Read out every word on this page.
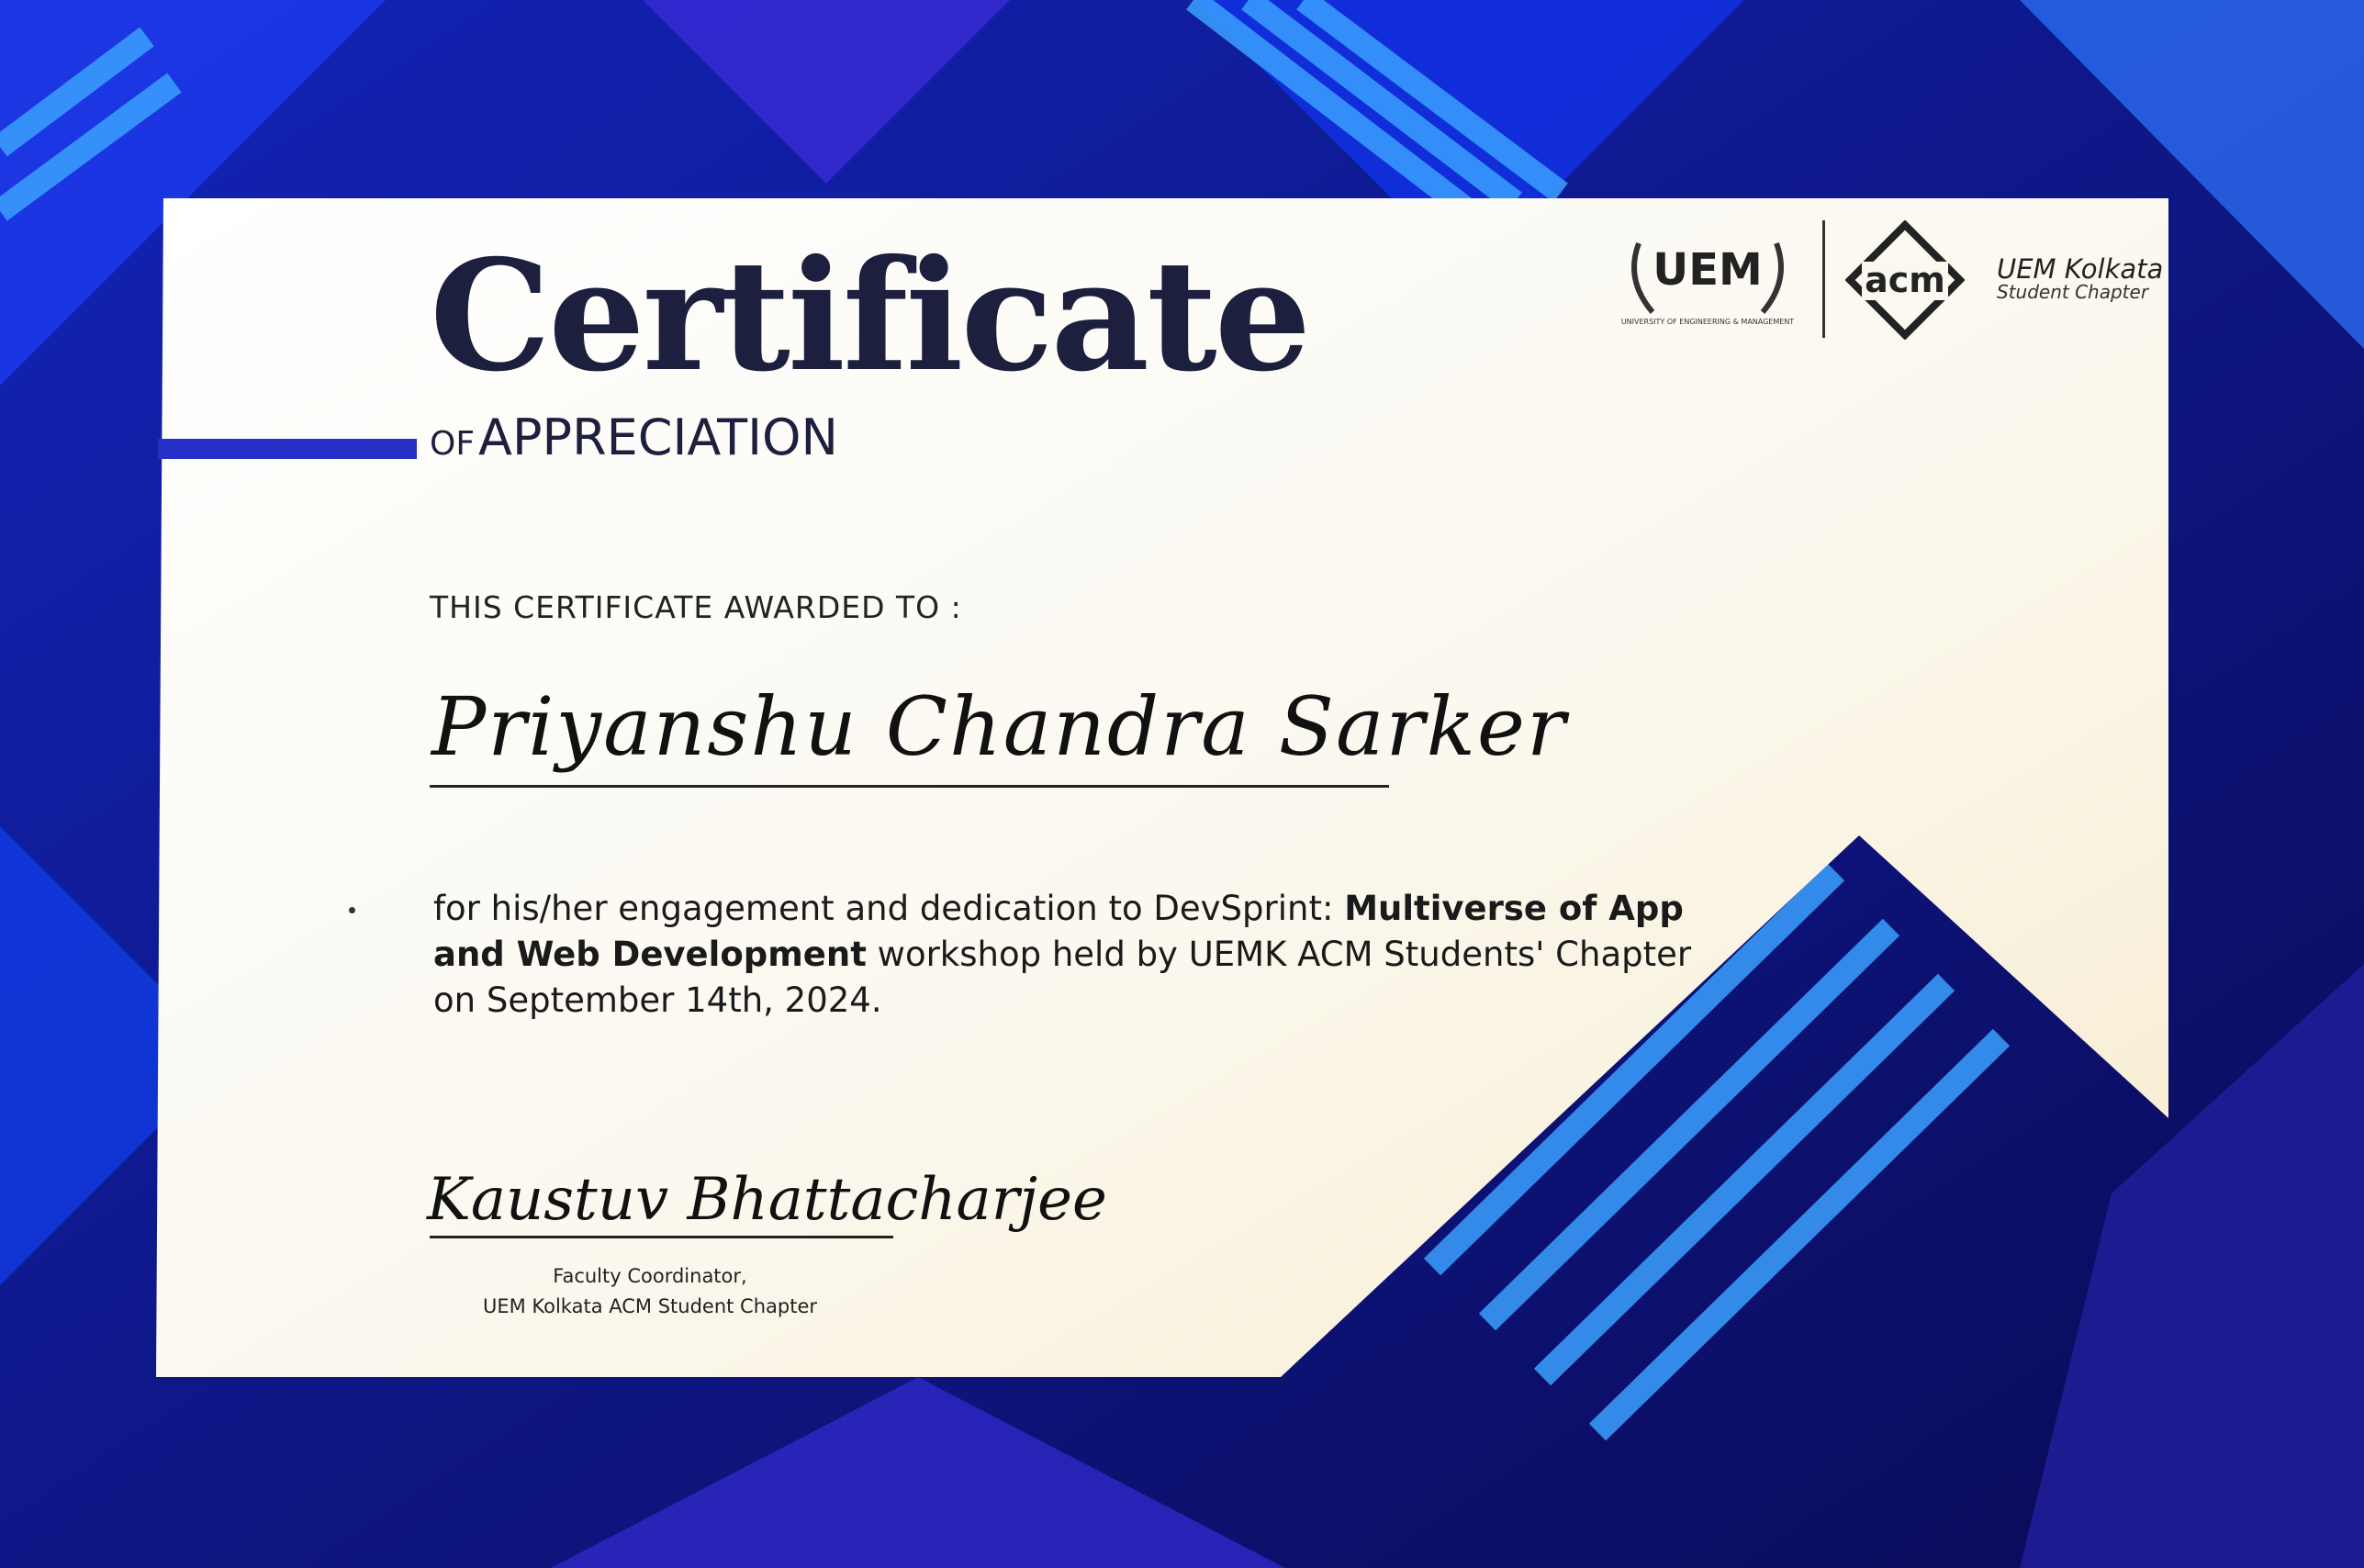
Certificate
OFAPPRECIATION
THIS CERTIFICATE AWARDED TO :
Priyanshu Chandra Sarker
for his/her engagement and dedication to DevSprint: Multiverse of App and Web Development workshop held by UEMK ACM Students' Chapter on September 14th, 2024.
Kaustuv Bhattacharjee
Faculty Coordinator,
UEM Kolkata ACM Student Chapter
UEM
UNIVERSITY OF ENGINEERING & MANAGEMENT
acm UEM Kolkata
Student Chapter
